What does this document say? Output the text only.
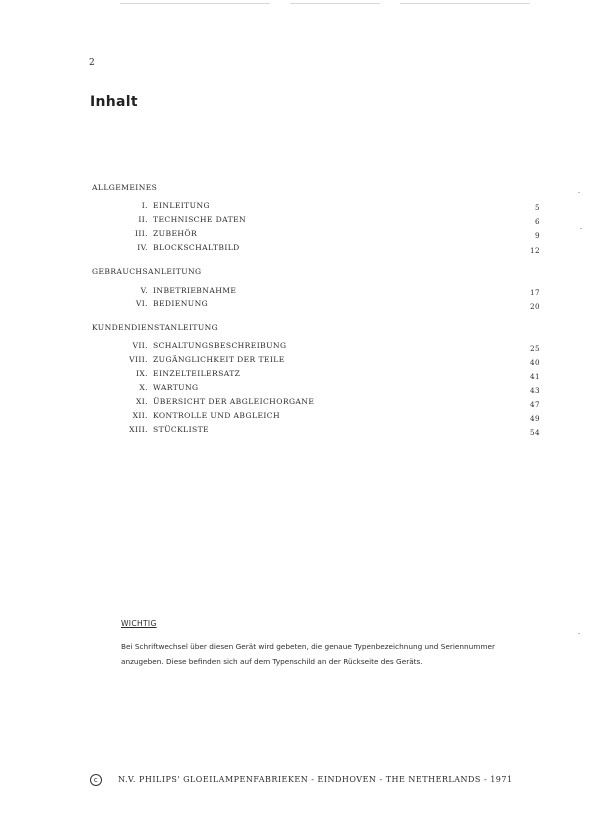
2
Inhalt
ALLGEMEINES
I. EINLEITUNG	5
II. TECHNISCHE DATEN	6
III. ZUBEHÖR	9
IV. BLOCKSCHALTBILD	12
GEBRAUCHSANLEITUNG
V. INBETRIEBNAHME	17
VI. BEDIENUNG	20
KUNDENDIENSTANLEITUNG
VII. SCHALTUNGSBESCHREIBUNG	25
VIII. ZUGÄNGLICHKEIT DER TEILE	40
IX. EINZELTEILERSATZ	41
X. WARTUNG	43
XI. ÜBERSICHT DER ABGLEICHORGANE	47
XII. KONTROLLE UND ABGLEICH	49
XIII. STÜCKLISTE	54
WICHTIG
Bei Schriftwechsel über diesen Gerät wird gebeten, die genaue Typenbezeichnung und Seriennummer
anzugeben. Diese befinden sich auf dem Typenschild an der Rückseite des Geräts.
c N.V. PHILIPS' GLOEILAMPENFABRIEKEN - EINDHOVEN - THE NETHERLANDS - 1971
